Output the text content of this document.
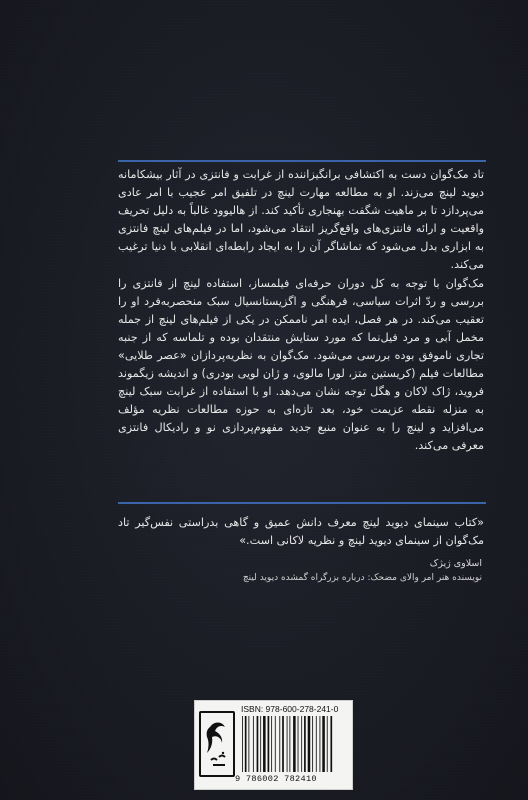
تاد مک‌گوان دست به اکتشافی برانگیزاننده از غرابت و فانتزی در آثار بیشکامانه دیوید لینچ می‌زند. او به مطالعه مهارت لینچ در تلفیق امر عجیب با امر عادی می‌پردازد تا بر ماهیت شگفت بهنجاری تأکید کند. از هالیوود غالباً به دلیل تحریف واقعیت و ارائه فانتزی‌های واقع‌گریز انتقاد می‌شود، اما در فیلم‌های لینچ فانتزی به ابزاری بدل می‌شود که تماشاگر آن را به ایجاد رابطه‌ای انقلابی با دنیا ترغیب می‌کند.

مک‌گوان با توجه به کل دوران حرفه‌ای فیلمساز، استفاده لینچ از فانتزی را بررسی و ردّ اثرات سیاسی، فرهنگی و اگزیستانسیال سبک منحصربه‌فرد او را تعقیب می‌کند. در هر فصل، ایده امر ناممکن در یکی از فیلم‌های لینچ از جمله مخمل آبی و مرد فیل‌نما که مورد ستایش منتقدان بوده و تلماسه که از جنبه تجاری ناموفق بوده بررسی می‌شود. مک‌گوان به نظریه‌پردازان «عصر طلایی» مطالعات فیلم (کریستین متز، لورا مالوی، و ژان لویی بودری) و اندیشه زیگموند فروید، ژاک لاکان و هگل توجه نشان می‌دهد. او با استفاده از غرابت سبک لینچ به منزله نقطه عزیمت خود، بعد تازه‌ای به حوزه مطالعات نظریه مؤلف می‌افزاید و لینچ را به عنوان منبع جدید مفهوم‌پردازی نو و رادیکال فانتزی معرفی می‌کند.

«کتاب سینمای دیوید لینچ معرف دانش عمیق و گاهی بدراستی نفس‌گیر تاد مک‌گوان از سینمای دیوید لینچ و نظریه لاکانی است.»

اسلاوی ژیژک
نویسنده هنر امر والای مضحک: درباره بزرگراه گمشده دیوید لینچ
ISBN: 978-600-278-241-0
9 786002 782410
